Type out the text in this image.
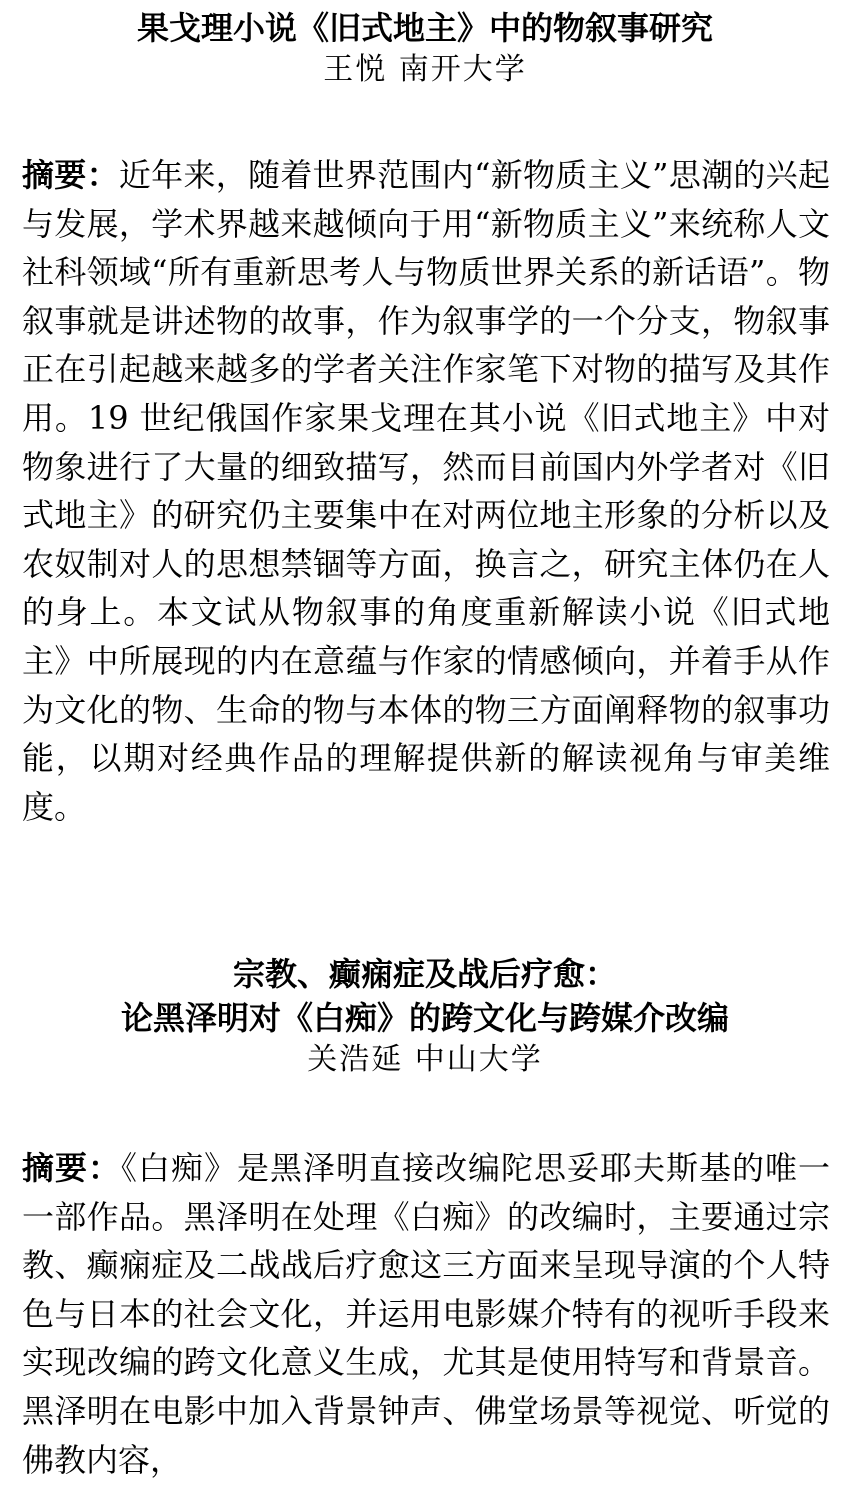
果戈理小说《旧式地主》中的物叙事研究

王悦 南开大学

摘要：近年来，随着世界范围内“新物质主义”思潮的兴起与发展，学术界越来越倾向于用“新物质主义”来统称人文社科领域“所有重新思考人与物质世界关系的新话语”。物叙事就是讲述物的故事，作为叙事学的一个分支，物叙事正在引起越来越多的学者关注作家笔下对物的描写及其作用。19 世纪俄国作家果戈理在其小说《旧式地主》中对物象进行了大量的细致描写，然而目前国内外学者对《旧式地主》的研究仍主要集中在对两位地主形象的分析以及农奴制对人的思想禁锢等方面，换言之，研究主体仍在人的身上。本文试从物叙事的角度重新解读小说《旧式地主》中所展现的内在意蕴与作家的情感倾向，并着手从作为文化的物、生命的物与本体的物三方面阐释物的叙事功能，以期对经典作品的理解提供新的解读视角与审美维度。

宗教、癫痫症及战后疗愈：
论黑泽明对《白痴》的跨文化与跨媒介改编

关浩延 中山大学

摘要：《白痴》是黑泽明直接改编陀思妥耶夫斯基的唯一一部作品。黑泽明在处理《白痴》的改编时，主要通过宗教、癫痫症及二战战后疗愈这三方面来呈现导演的个人特色与日本的社会文化，并运用电影媒介特有的视听手段来实现改编的跨文化意义生成，尤其是使用特写和背景音。黑泽明在电影中加入背景钟声、佛堂场景等视觉、听觉的佛教内容，
